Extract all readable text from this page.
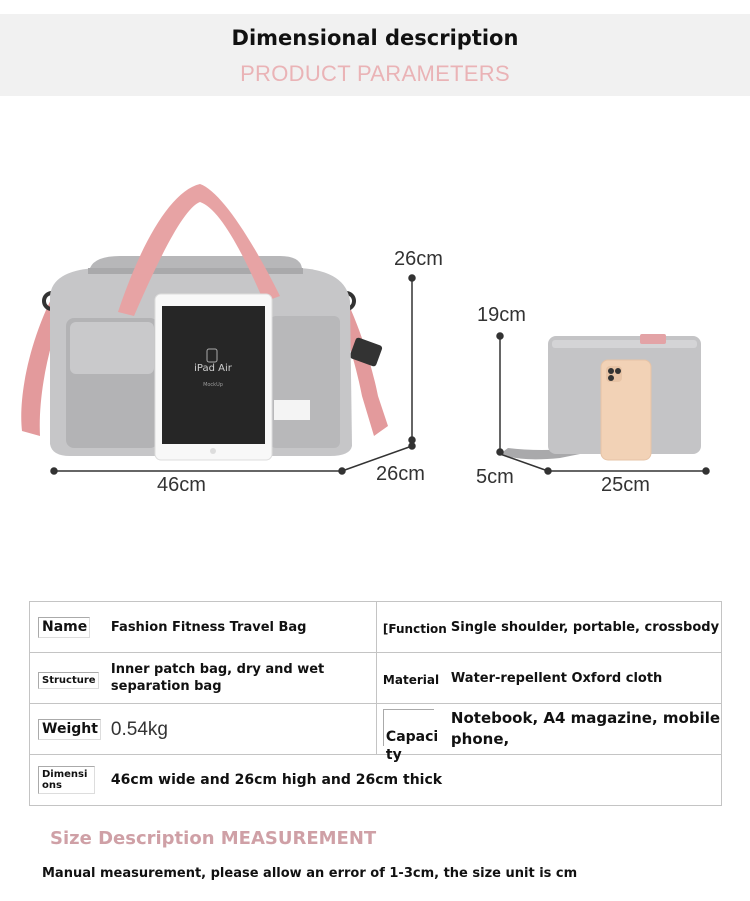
Dimensional description
PRODUCT PARAMETERS
iPad Air
MockUp
26cm
46cm	26cm
19cm
5cm	25cm
Name	Fashion Fitness Travel Bag	[Function	Single shoulder, portable, crossbody

Structure	Inner patch bag, dry and wet separation bag	Material	Water-repellent Oxford cloth

Weight	0.54kg	Capacity	Notebook, A4 magazine, mobile phone,

Dimensions	46cm wide and 26cm high and 26cm thick		
Size Description MEASUREMENT
Manual measurement, please allow an error of 1-3cm, the size unit is cm
